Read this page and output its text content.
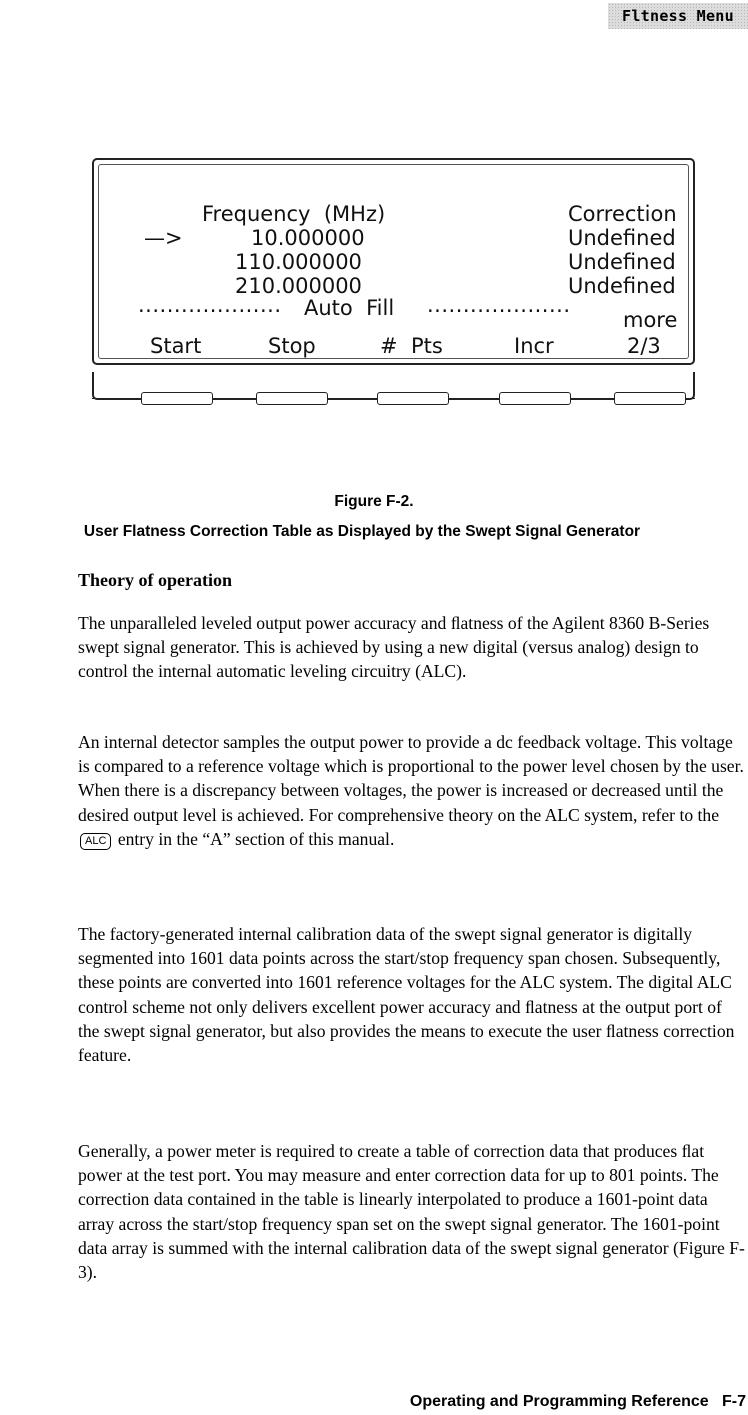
Fltness Menu
Frequency  (MHz)	Correction
—>	10.000000	Undefined
110.000000	Undefined
210.000000	Undefined
.................... Auto  Fill ....................
more
Start	Stop	#  Pts	Incr	2/3
Figure F-2.
User Flatness Correction Table as Displayed by the Swept Signal Generator
Theory of operation

The unparalleled leveled output power accuracy and ﬂatness of the Agilent 8360 B-Series swept signal generator. This is achieved by using a new digital (versus analog) design to control the internal automatic leveling circuitry (ALC).

An internal detector samples the output power to provide a dc feedback voltage. This voltage is compared to a reference voltage which is proportional to the power level chosen by the user. When there is a discrepancy between voltages, the power is increased or decreased until the desired output level is achieved. For comprehensive theory on the ALC system, refer to the ALC entry in the “A” section of this manual.

The factory-generated internal calibration data of the swept signal generator is digitally segmented into 1601 data points across the start/stop frequency span chosen. Subsequently, these points are converted into 1601 reference voltages for the ALC system. The digital ALC control scheme not only delivers excellent power accuracy and ﬂatness at the output port of the swept signal generator, but also provides the means to execute the user ﬂatness correction feature.

Generally, a power meter is required to create a table of correction data that produces ﬂat power at the test port. You may measure and enter correction data for up to 801 points. The correction data contained in the table is linearly interpolated to produce a 1601-point data array across the start/stop frequency span set on the swept signal generator. The 1601-point data array is summed with the internal calibration data of the swept signal generator (Figure F-3).

Operating and Programming Reference F-7
